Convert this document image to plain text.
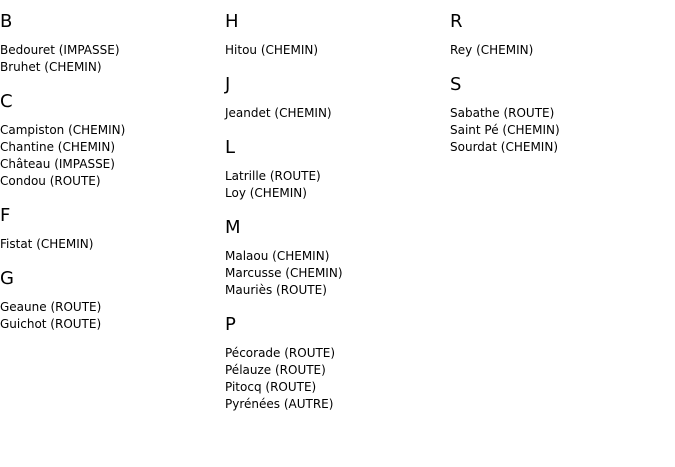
B
Bedouret (IMPASSE)
Bruhet (CHEMIN)
C
Campiston (CHEMIN)
Chantine (CHEMIN)
Château (IMPASSE)
Condou (ROUTE)
F
Fistat (CHEMIN)
G
Geaune (ROUTE)
Guichot (ROUTE)
H
Hitou (CHEMIN)
J
Jeandet (CHEMIN)
L
Latrille (ROUTE)
Loy (CHEMIN)
M
Malaou (CHEMIN)
Marcusse (CHEMIN)
Mauriès (ROUTE)
P
Pécorade (ROUTE)
Pélauze (ROUTE)
Pitocq (ROUTE)
Pyrénées (AUTRE)
R
Rey (CHEMIN)
S
Sabathe (ROUTE)
Saint Pé (CHEMIN)
Sourdat (CHEMIN)
